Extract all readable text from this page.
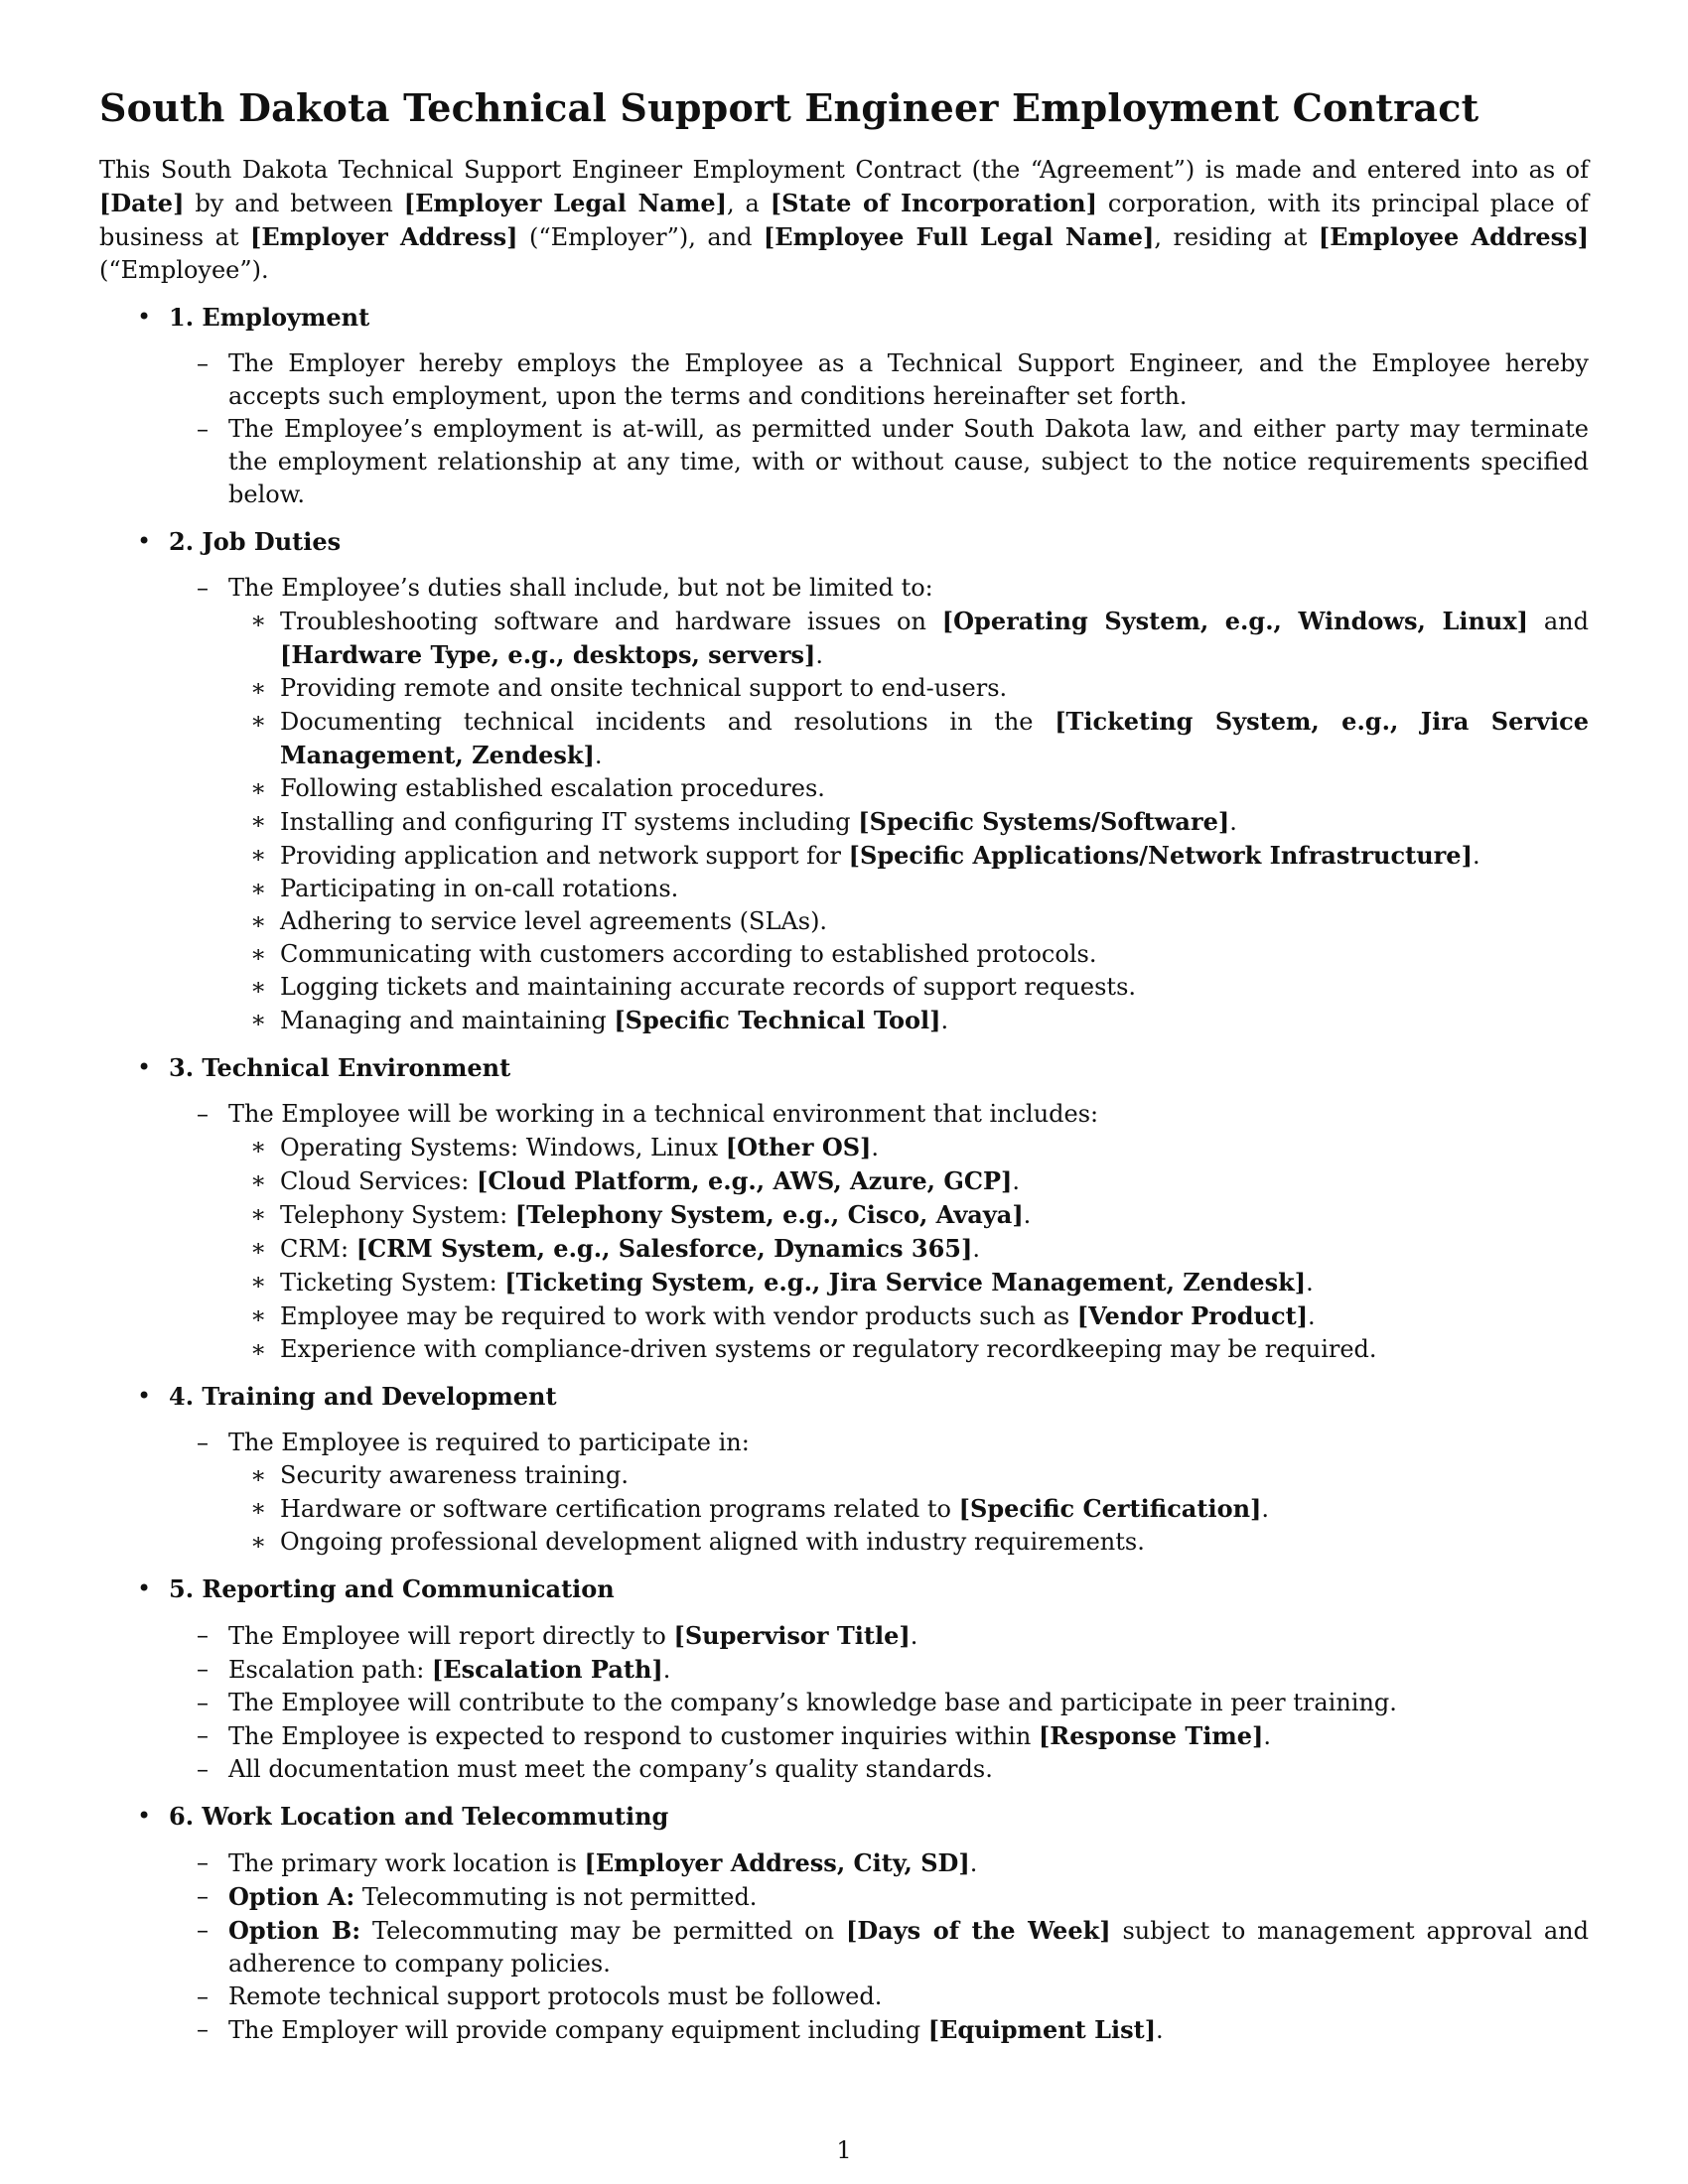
South Dakota Technical Support Engineer Employment Contract

This South Dakota Technical Support Engineer Employment Contract (the “Agreement”) is made and entered into as of [Date] by and between [Employer Legal Name], a [State of Incorporation] corporation, with its principal place of business at [Employer Address] (“Employer”), and [Employee Full Legal Name], residing at [Employee Address] (“Employee”).

• 1. Employment
– The Employer hereby employs the Employee as a Technical Support Engineer, and the Employee hereby accepts such employment, upon the terms and conditions hereinafter set forth.
– The Employee’s employment is at-will, as permitted under South Dakota law, and either party may terminate the employment relationship at any time, with or without cause, subject to the notice requirements specified below.
• 2. Job Duties
– The Employee’s duties shall include, but not be limited to:
∗ Troubleshooting software and hardware issues on [Operating System, e.g., Windows, Linux] and [Hardware Type, e.g., desktops, servers].
∗ Providing remote and onsite technical support to end-users.
∗ Documenting technical incidents and resolutions in the [Ticketing System, e.g., Jira Service Management, Zendesk].
∗ Following established escalation procedures.
∗ Installing and configuring IT systems including [Specific Systems/Software].
∗ Providing application and network support for [Specific Applications/Network Infrastructure].
∗ Participating in on-call rotations.
∗ Adhering to service level agreements (SLAs).
∗ Communicating with customers according to established protocols.
∗ Logging tickets and maintaining accurate records of support requests.
∗ Managing and maintaining [Specific Technical Tool].
• 3. Technical Environment
– The Employee will be working in a technical environment that includes:
∗ Operating Systems: Windows, Linux [Other OS].
∗ Cloud Services: [Cloud Platform, e.g., AWS, Azure, GCP].
∗ Telephony System: [Telephony System, e.g., Cisco, Avaya].
∗ CRM: [CRM System, e.g., Salesforce, Dynamics 365].
∗ Ticketing System: [Ticketing System, e.g., Jira Service Management, Zendesk].
∗ Employee may be required to work with vendor products such as [Vendor Product].
∗ Experience with compliance-driven systems or regulatory recordkeeping may be required.
• 4. Training and Development
– The Employee is required to participate in:
∗ Security awareness training.
∗ Hardware or software certification programs related to [Specific Certification].
∗ Ongoing professional development aligned with industry requirements.
• 5. Reporting and Communication
– The Employee will report directly to [Supervisor Title].
– Escalation path: [Escalation Path].
– The Employee will contribute to the company’s knowledge base and participate in peer training.
– The Employee is expected to respond to customer inquiries within [Response Time].
– All documentation must meet the company’s quality standards.
• 6. Work Location and Telecommuting
– The primary work location is [Employer Address, City, SD].
– Option A: Telecommuting is not permitted.
– Option B: Telecommuting may be permitted on [Days of the Week] subject to management approval and adherence to company policies.
– Remote technical support protocols must be followed.
– The Employer will provide company equipment including [Equipment List].
1
